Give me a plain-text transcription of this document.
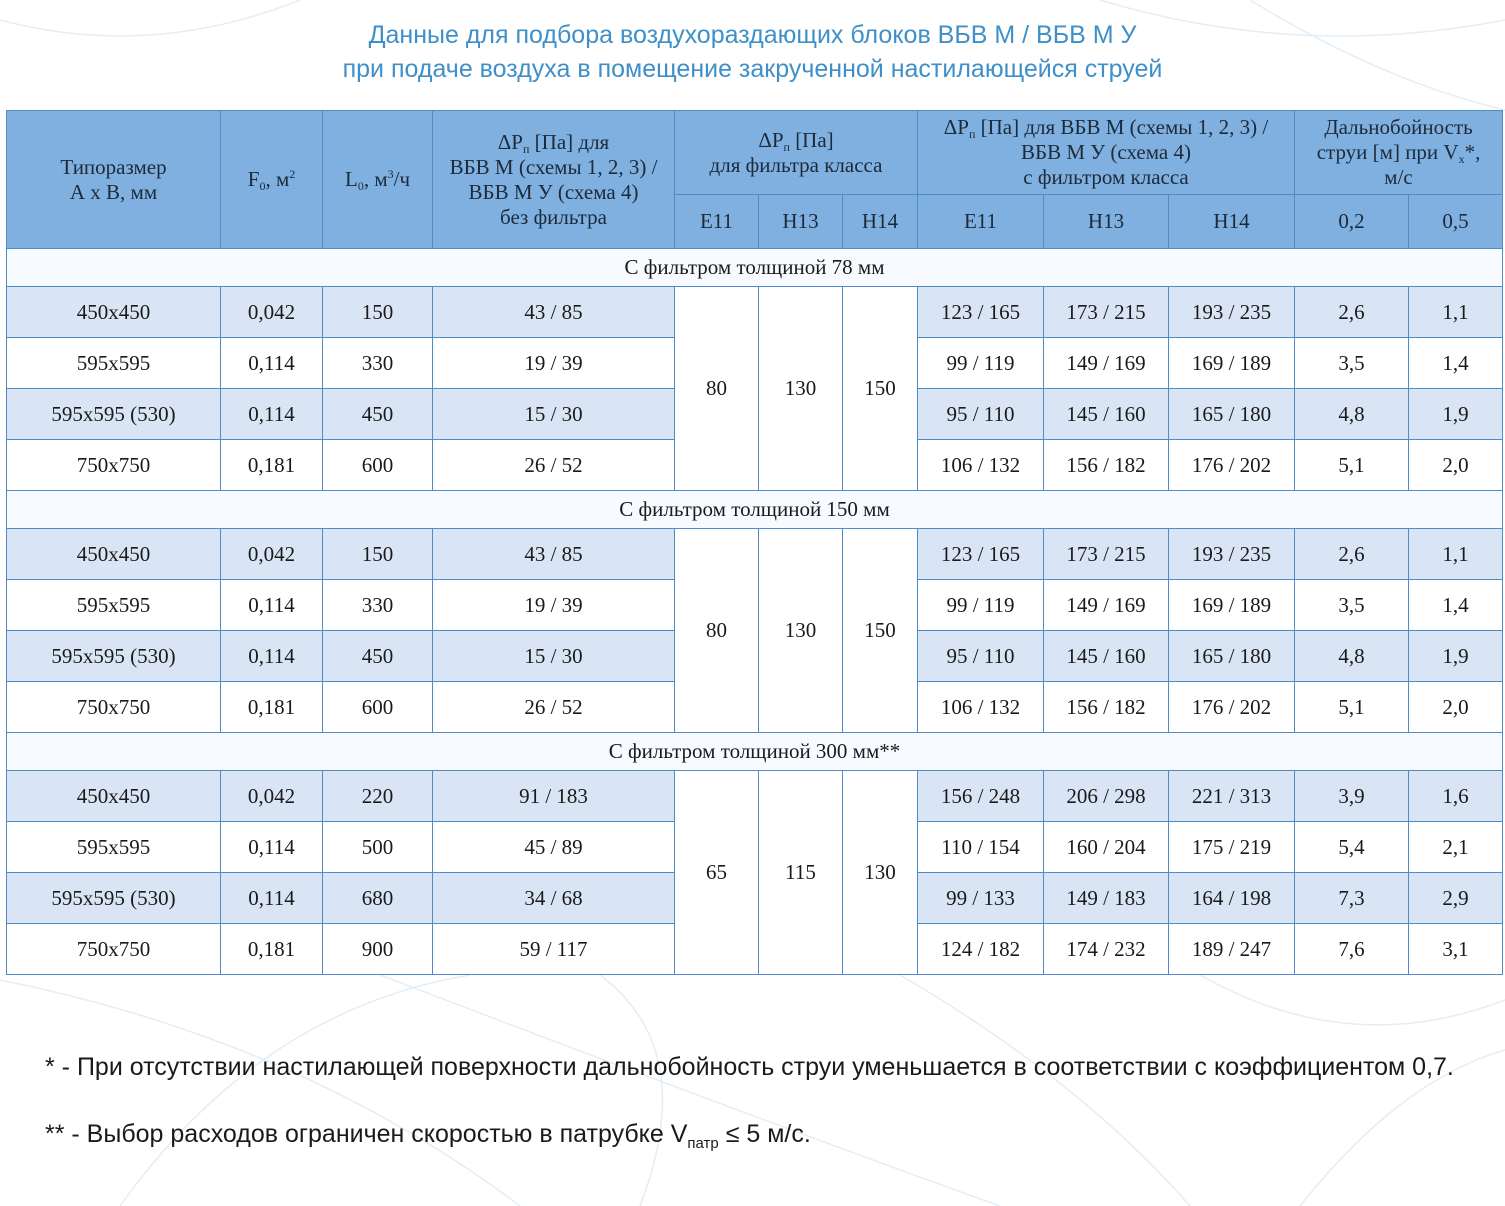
Данные для подбора воздухораздающих блоков ВБВ М / ВБВ М У
при подаче воздуха в помещение закрученной настилающейся струей
Типоразмер
А х В, мм	$F_0$, $м^2$	$L_0$, $м^3/ч$	$\Delta Р_п$ [Па] для
ВБВ М (схемы 1, 2, 3) /
ВБВ М У (схема 4)
без фильтра	$\Delta Р_п$ [Па]
для фильтра класса			$\Delta Р_п$ [Па] для ВБВ М (схемы 1, 2, 3) /
ВБВ М У (схема 4)
с фильтром класса			Дальнобойность
струи [м] при $V_x*$,
м/с	
				Е11	Н13	Н14	Е11	Н13	Н14	0,2	0,5
С фильтром толщиной 78 мм											
450х450	0,042	150	43 / 85	80	130	150	123 / 165	173 / 215	193 / 235	2,6	1,1
595х595	0,114	330	19 / 39				99 / 119	149 / 169	169 / 189	3,5	1,4
595х595 (530)	0,114	450	15 / 30				95 / 110	145 / 160	165 / 180	4,8	1,9
750х750	0,181	600	26 / 52				106 / 132	156 / 182	176 / 202	5,1	2,0
С фильтром толщиной 150 мм											
450х450	0,042	150	43 / 85	80	130	150	123 / 165	173 / 215	193 / 235	2,6	1,1
595х595	0,114	330	19 / 39				99 / 119	149 / 169	169 / 189	3,5	1,4
595х595 (530)	0,114	450	15 / 30				95 / 110	145 / 160	165 / 180	4,8	1,9
750х750	0,181	600	26 / 52				106 / 132	156 / 182	176 / 202	5,1	2,0
С фильтром толщиной 300 мм**											
450х450	0,042	220	91 / 183	65	115	130	156 / 248	206 / 298	221 / 313	3,9	1,6
595х595	0,114	500	45 / 89				110 / 154	160 / 204	175 / 219	5,4	2,1
595х595 (530)	0,114	680	34 / 68				99 / 133	149 / 183	164 / 198	7,3	2,9
750х750	0,181	900	59 / 117				124 / 182	174 / 232	189 / 247	7,6	3,1
* - При отсутствии настилающей поверхности дальнобойность струи уменьшается в соответствии с коэффициентом 0,7.
** - Выбор расходов ограничен скоростью в патрубке $V_{патр} \le 5$ м/с.
